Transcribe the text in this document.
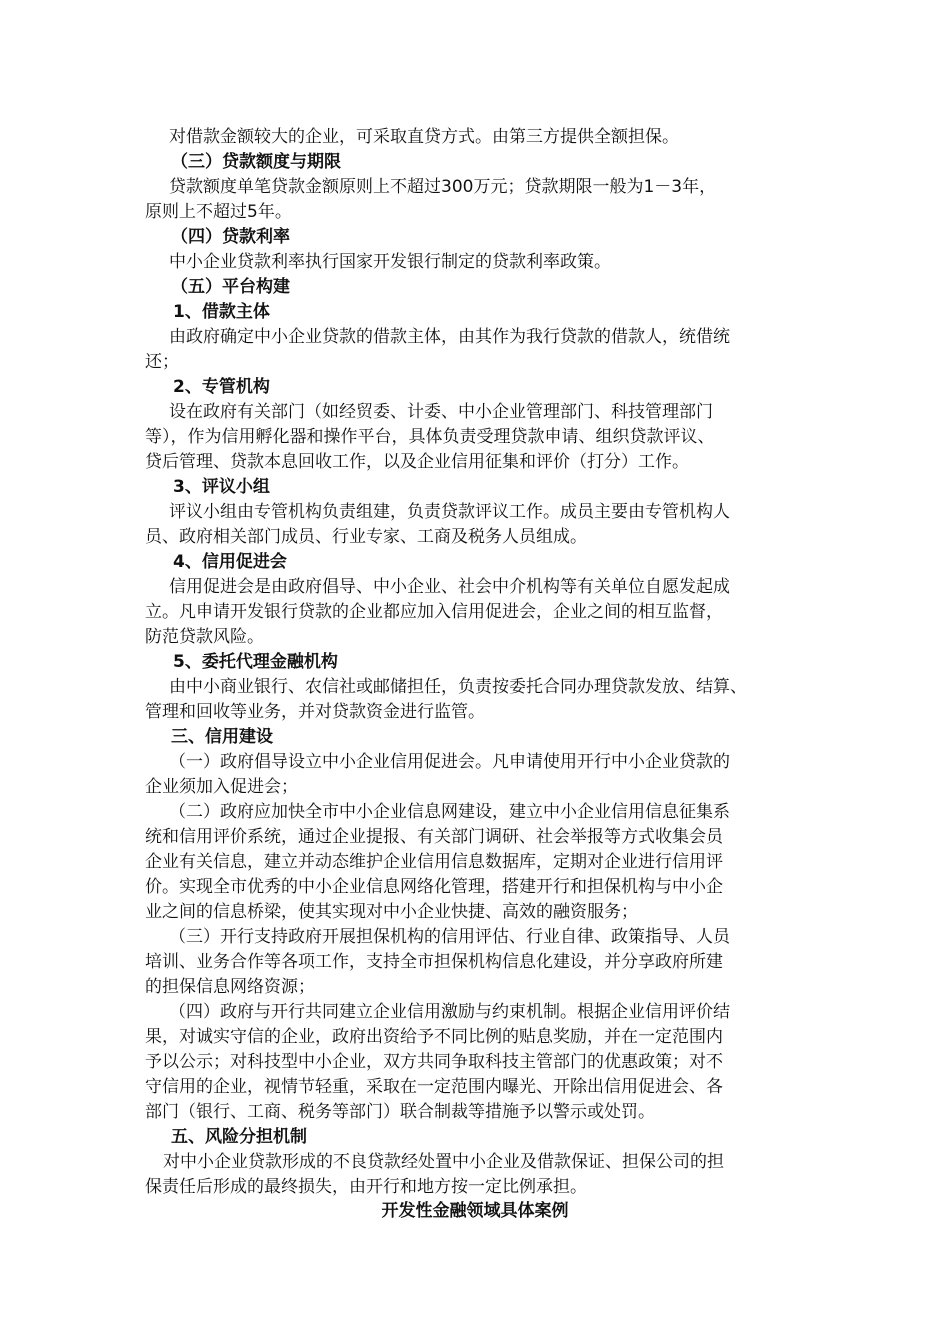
对借款金额较大的企业，可采取直贷方式。由第三方提供全额担保。
（三）贷款额度与期限
贷款额度单笔贷款金额原则上不超过300万元；贷款期限一般为1－3年，
原则上不超过5年。
（四）贷款利率
中小企业贷款利率执行国家开发银行制定的贷款利率政策。
（五）平台构建
1、借款主体
由政府确定中小企业贷款的借款主体，由其作为我行贷款的借款人，统借统
还；
2、专管机构
设在政府有关部门（如经贸委、计委、中小企业管理部门、科技管理部门
等），作为信用孵化器和操作平台，具体负责受理贷款申请、组织贷款评议、
贷后管理、贷款本息回收工作，以及企业信用征集和评价（打分）工作。
3、评议小组
评议小组由专管机构负责组建，负责贷款评议工作。成员主要由专管机构人
员、政府相关部门成员、行业专家、工商及税务人员组成。
4、信用促进会
信用促进会是由政府倡导、中小企业、社会中介机构等有关单位自愿发起成
立。凡申请开发银行贷款的企业都应加入信用促进会，企业之间的相互监督，
防范贷款风险。
5、委托代理金融机构
由中小商业银行、农信社或邮储担任，负责按委托合同办理贷款发放、结算、
管理和回收等业务，并对贷款资金进行监管。
三、信用建设
（一）政府倡导设立中小企业信用促进会。凡申请使用开行中小企业贷款的
企业须加入促进会；
（二）政府应加快全市中小企业信息网建设，建立中小企业信用信息征集系
统和信用评价系统，通过企业提报、有关部门调研、社会举报等方式收集会员
企业有关信息，建立并动态维护企业信用信息数据库，定期对企业进行信用评
价。实现全市优秀的中小企业信息网络化管理，搭建开行和担保机构与中小企
业之间的信息桥梁，使其实现对中小企业快捷、高效的融资服务；
（三）开行支持政府开展担保机构的信用评估、行业自律、政策指导、人员
培训、业务合作等各项工作，支持全市担保机构信息化建设，并分享政府所建
的担保信息网络资源；
（四）政府与开行共同建立企业信用激励与约束机制。根据企业信用评价结
果，对诚实守信的企业，政府出资给予不同比例的贴息奖励，并在一定范围内
予以公示；对科技型中小企业，双方共同争取科技主管部门的优惠政策；对不
守信用的企业，视情节轻重，采取在一定范围内曝光、开除出信用促进会、各
部门（银行、工商、税务等部门）联合制裁等措施予以警示或处罚。
五、风险分担机制
对中小企业贷款形成的不良贷款经处置中小企业及借款保证、担保公司的担
保责任后形成的最终损失，由开行和地方按一定比例承担。
开发性金融领域具体案例
